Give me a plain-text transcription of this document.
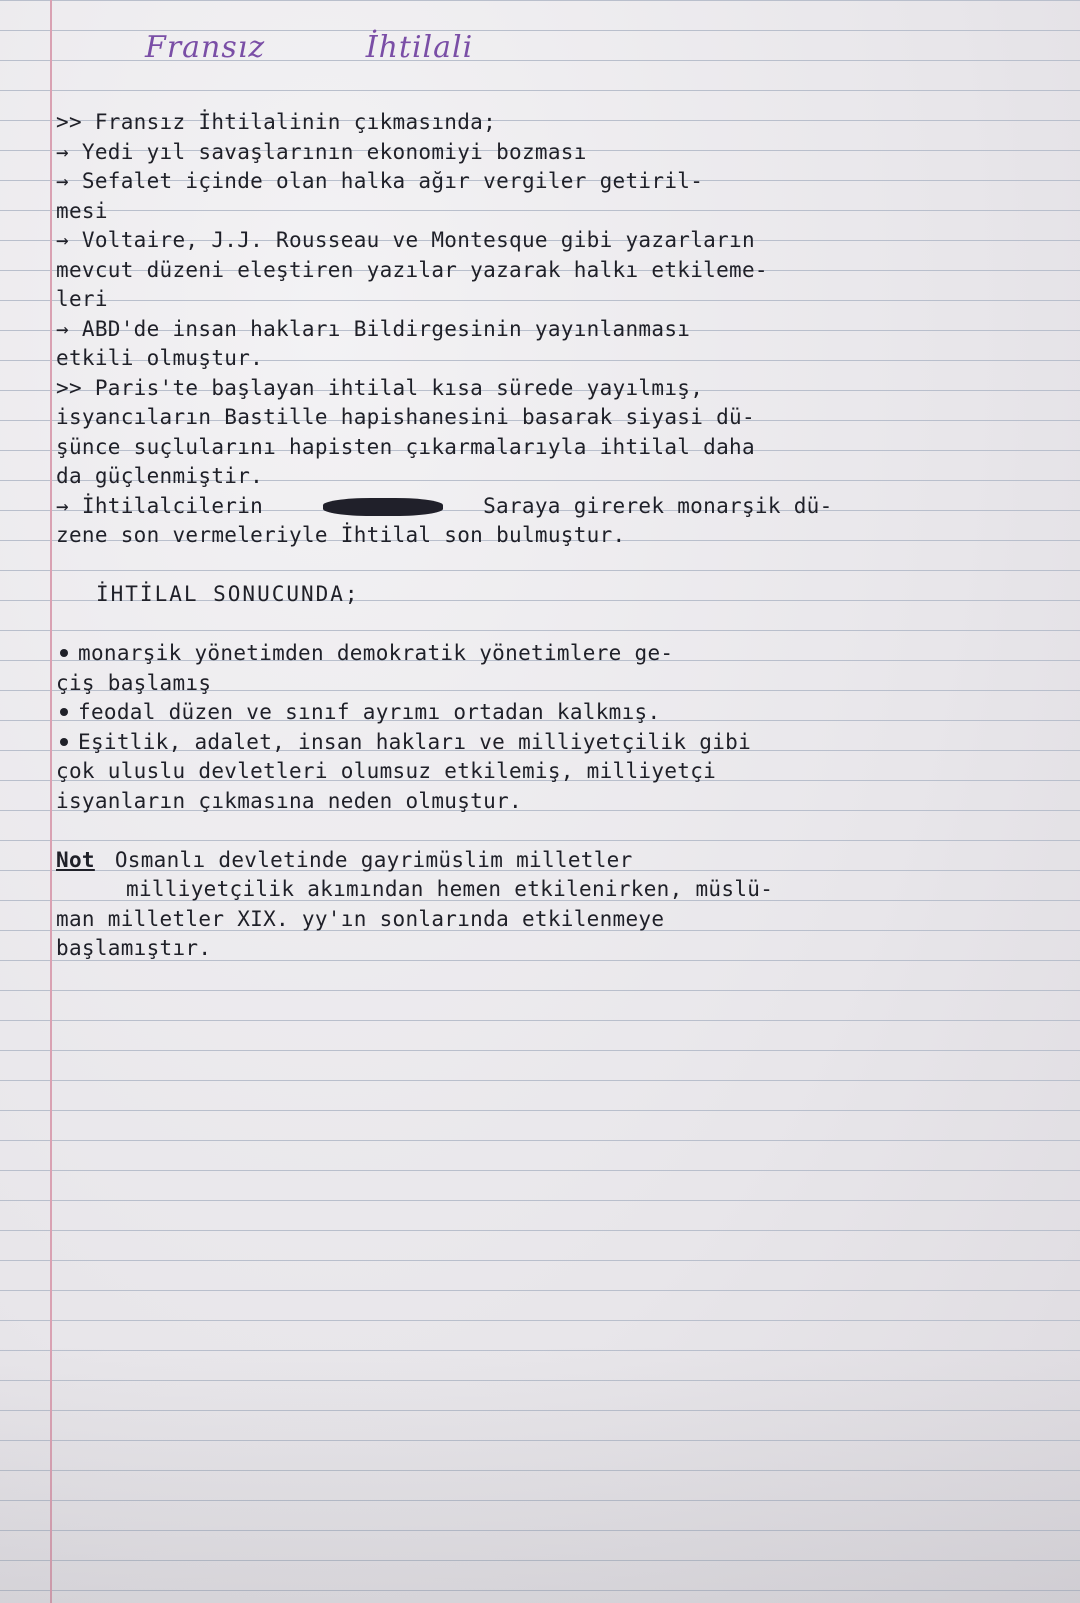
Fransız	İhtilali
>> Fransız İhtilalinin çıkmasında;
→ Yedi yıl savaşlarının ekonomiyi bozması
→ Sefalet içinde olan halka ağır vergiler getiril-
mesi
→ Voltaire, J.J. Rousseau ve Montesque gibi yazarların
mevcut düzeni eleştiren yazılar yazarak halkı etkileme-
leri
→ ABD'de insan hakları Bildirgesinin yayınlanması
etkili olmuştur.
>> Paris'te başlayan ihtilal kısa sürede yayılmış,
isyancıların Bastille hapishanesini basarak siyasi dü-
şünce suçlularını hapisten çıkarmalarıyla ihtilal daha
da güçlenmiştir.
→ İhtilalcilerin	Saraya girerek monarşik dü-
zene son vermeleriyle İhtilal son bulmuştur.
İHTİLAL SONUCUNDA;
monarşik yönetimden demokratik yönetimlere ge-
çiş başlamış
feodal düzen ve sınıf ayrımı ortadan kalkmış.
Eşitlik, adalet, insan hakları ve milliyetçilik gibi
çok uluslu devletleri olumsuz etkilemiş, milliyetçi
isyanların çıkmasına neden olmuştur.
Not Osmanlı devletinde gayrimüslim milletler
milliyetçilik akımından hemen etkilenirken, müslü-
man milletler XIX. yy'ın sonlarında etkilenmeye
başlamıştır.
